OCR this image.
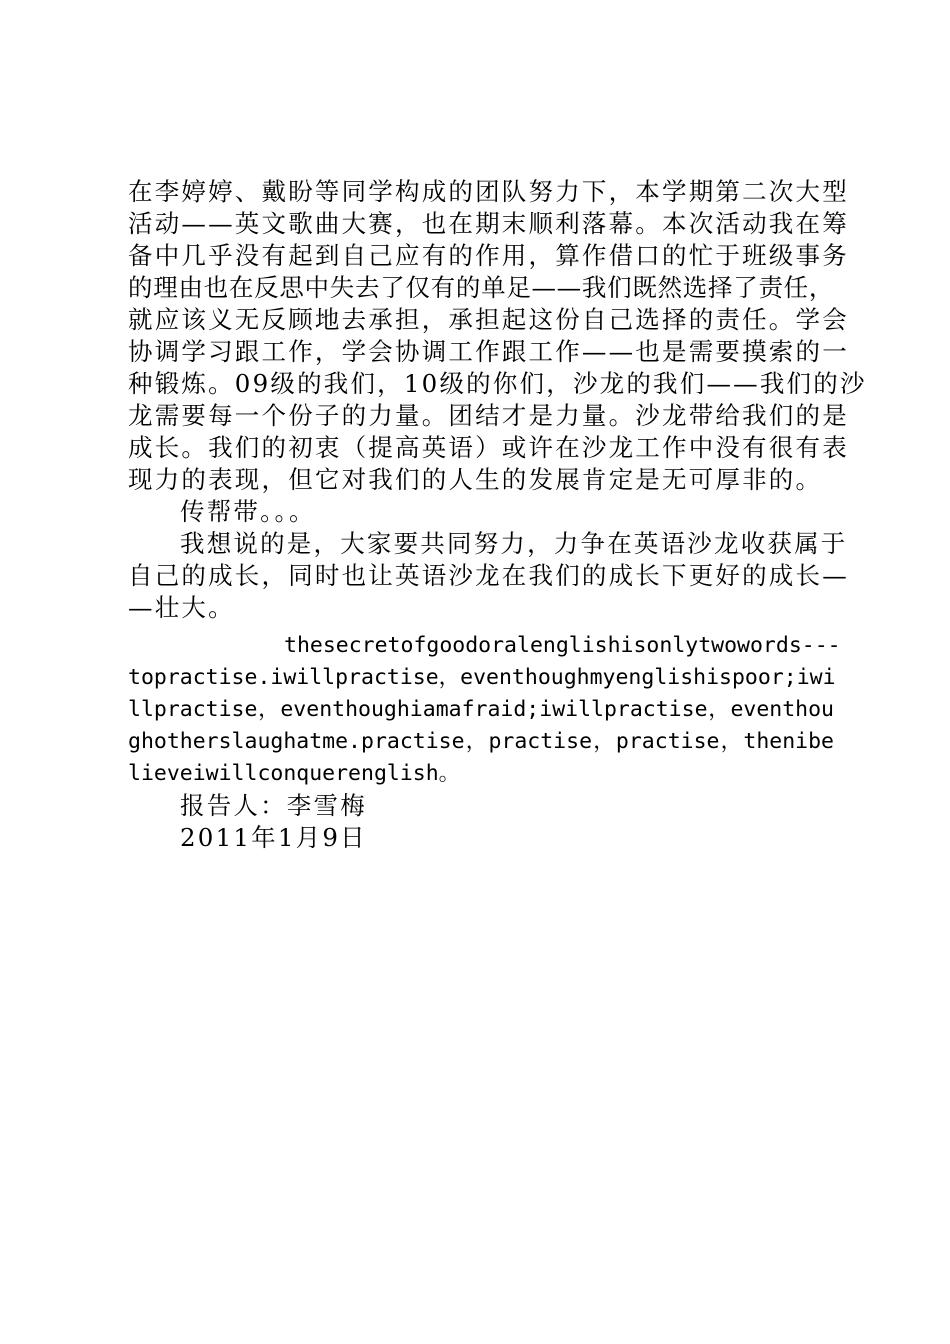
在李婷婷、戴盼等同学构成的团队努力下，本学期第二次大型
活动——英文歌曲大赛，也在期末顺利落幕。本次活动我在筹
备中几乎没有起到自己应有的作用，算作借口的忙于班级事务
的理由也在反思中失去了仅有的单足——我们既然选择了责任，
就应该义无反顾地去承担，承担起这份自己选择的责任。学会
协调学习跟工作，学会协调工作跟工作——也是需要摸索的一
种锻炼。09级的我们，10级的你们，沙龙的我们——我们的沙
龙需要每一个份子的力量。团结才是力量。沙龙带给我们的是
成长。我们的初衷（提高英语）或许在沙龙工作中没有很有表
现力的表现，但它对我们的人生的发展肯定是无可厚非的。
传帮带。。。
我想说的是，大家要共同努力，力争在英语沙龙收获属于
自己的成长，同时也让英语沙龙在我们的成长下更好的成长—
—壮大。
thesecretofgoodoralenglishisonlytwowords---
topractise.iwillpractise，eventhoughmyenglishispoor;iwi
llpractise，eventhoughiamafraid;iwillpractise，eventhou
ghotherslaughatme.practise，practise，practise，thenibe
lieveiwillconquerenglish。
报告人：李雪梅
2011年1月9日
